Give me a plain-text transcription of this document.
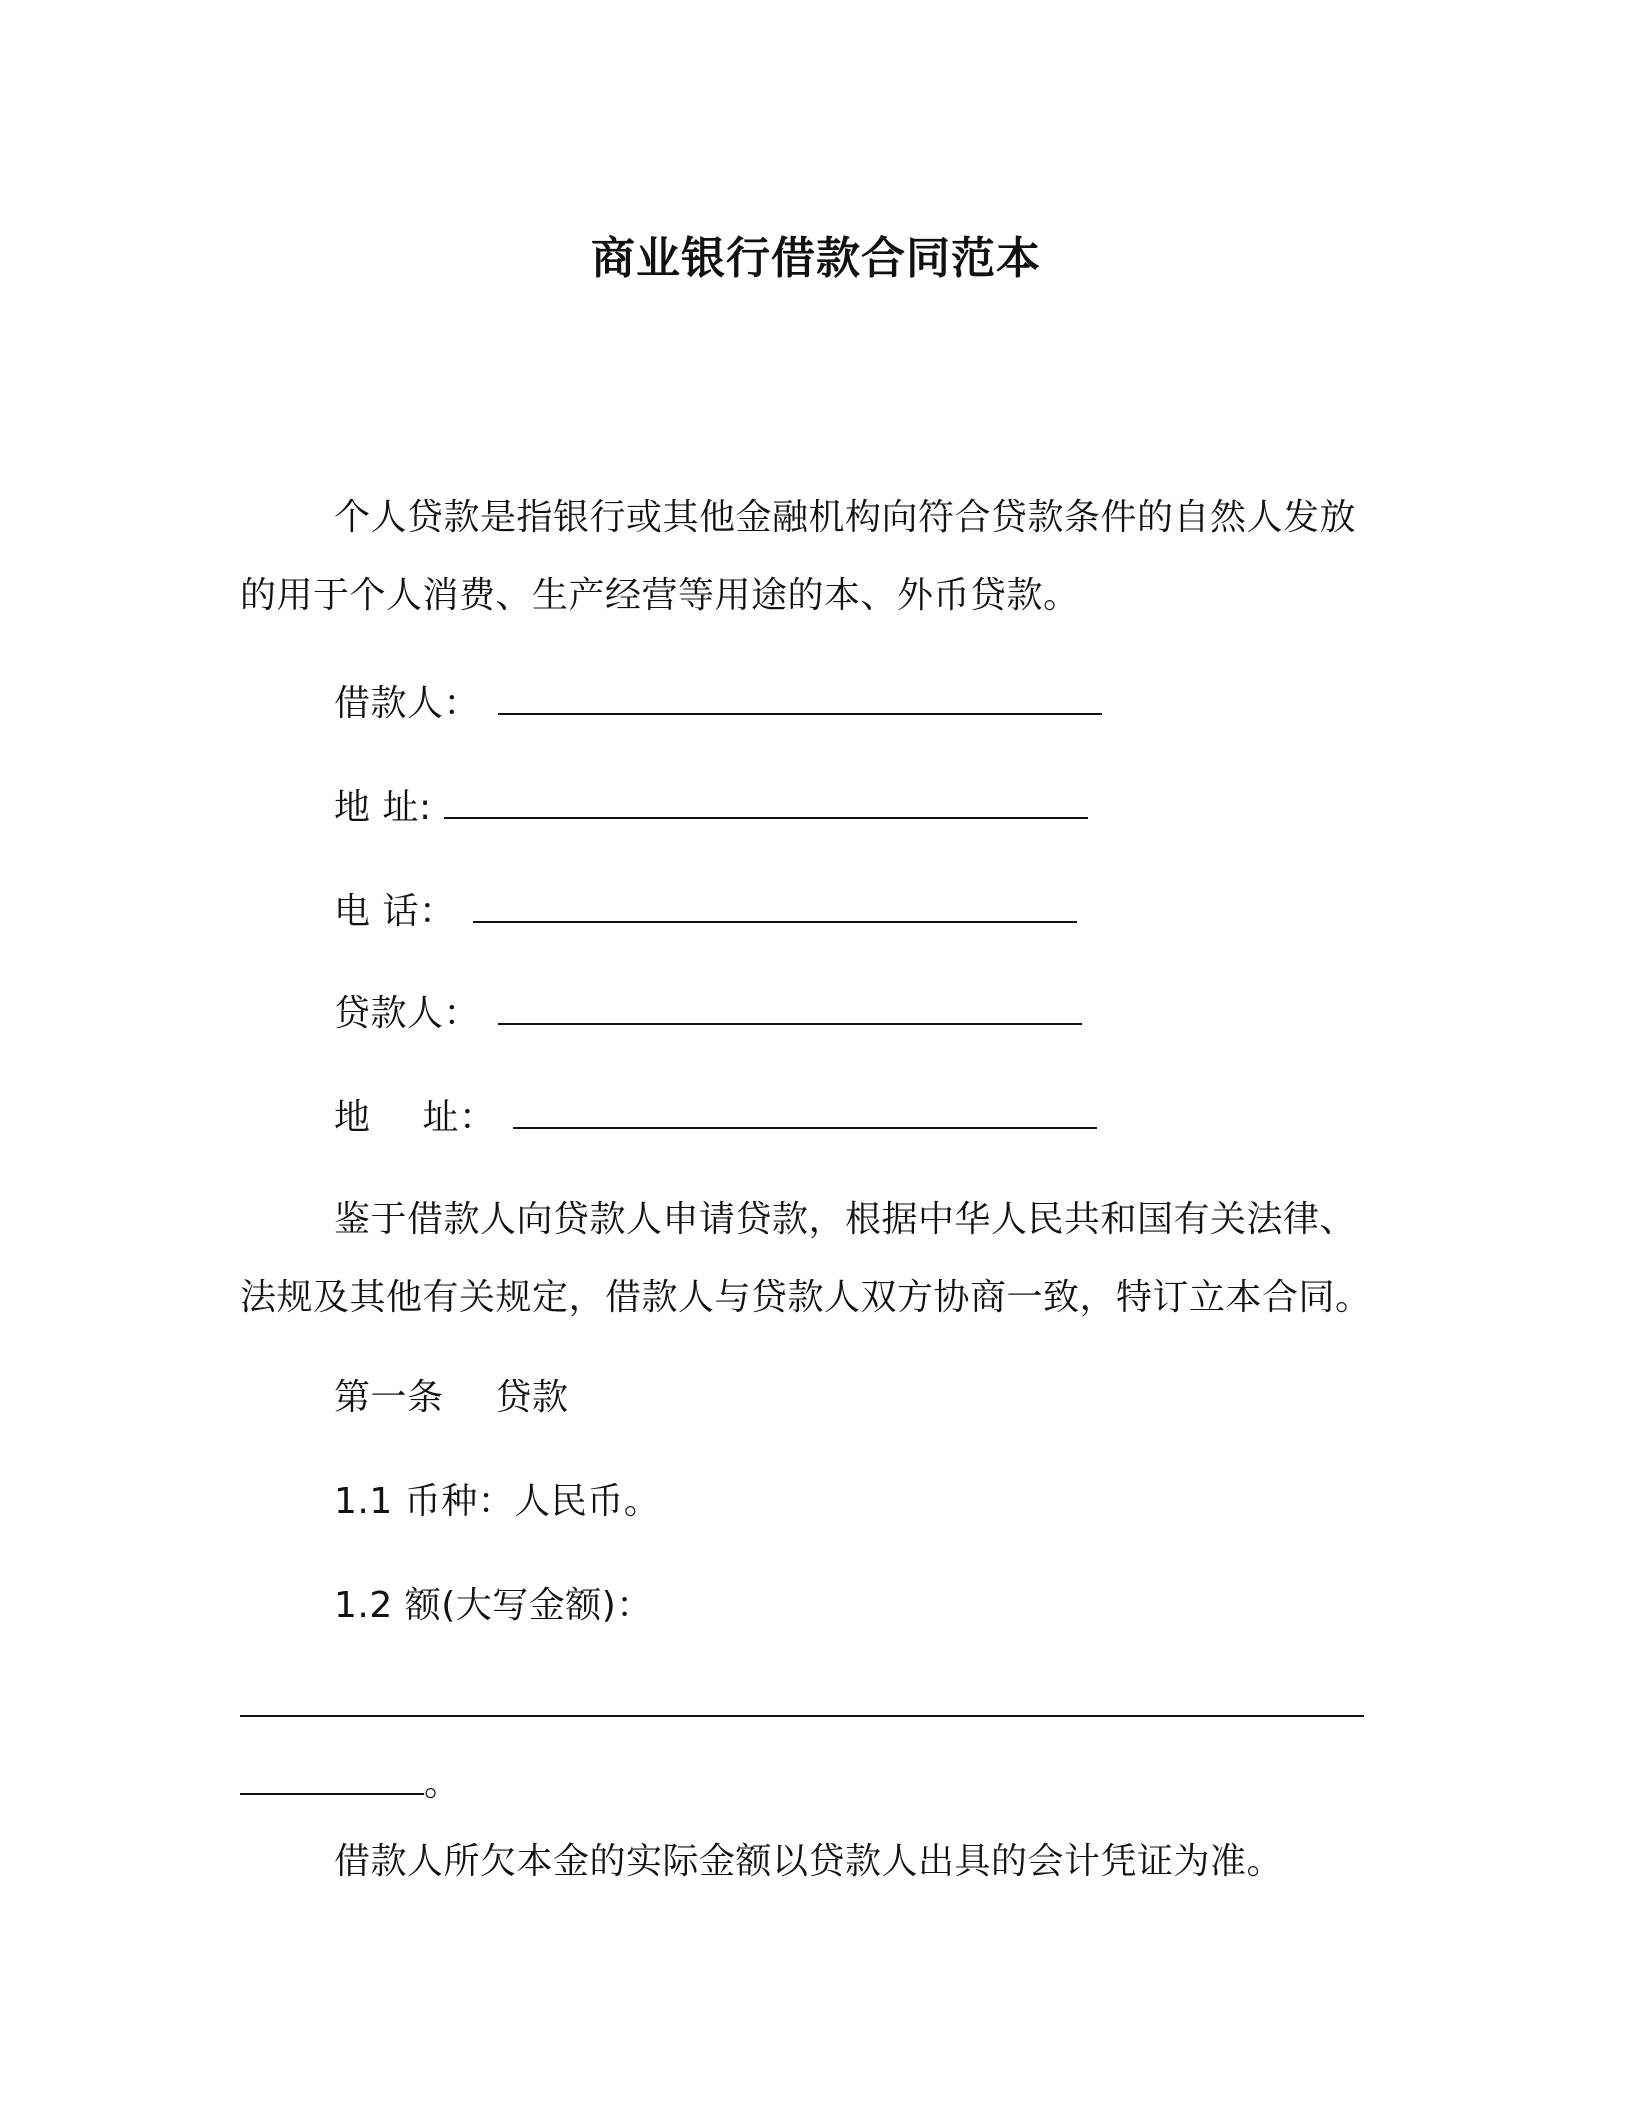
商业银行借款合同范本
个人贷款是指银行或其他金融机构向符合贷款条件的自然人发放
的用于个人消费、生产经营等用途的本、外币贷款。
借款人：
地 址:
电 话：
贷款人：
地 址：
鉴于借款人向贷款人申请贷款，根据中华人民共和国有关法律、
法规及其他有关规定，借款人与贷款人双方协商一致，特订立本合同。
第一条 贷款
1.1 币种：人民币。
1.2 额(大写金额)：
。
借款人所欠本金的实际金额以贷款人出具的会计凭证为准。
